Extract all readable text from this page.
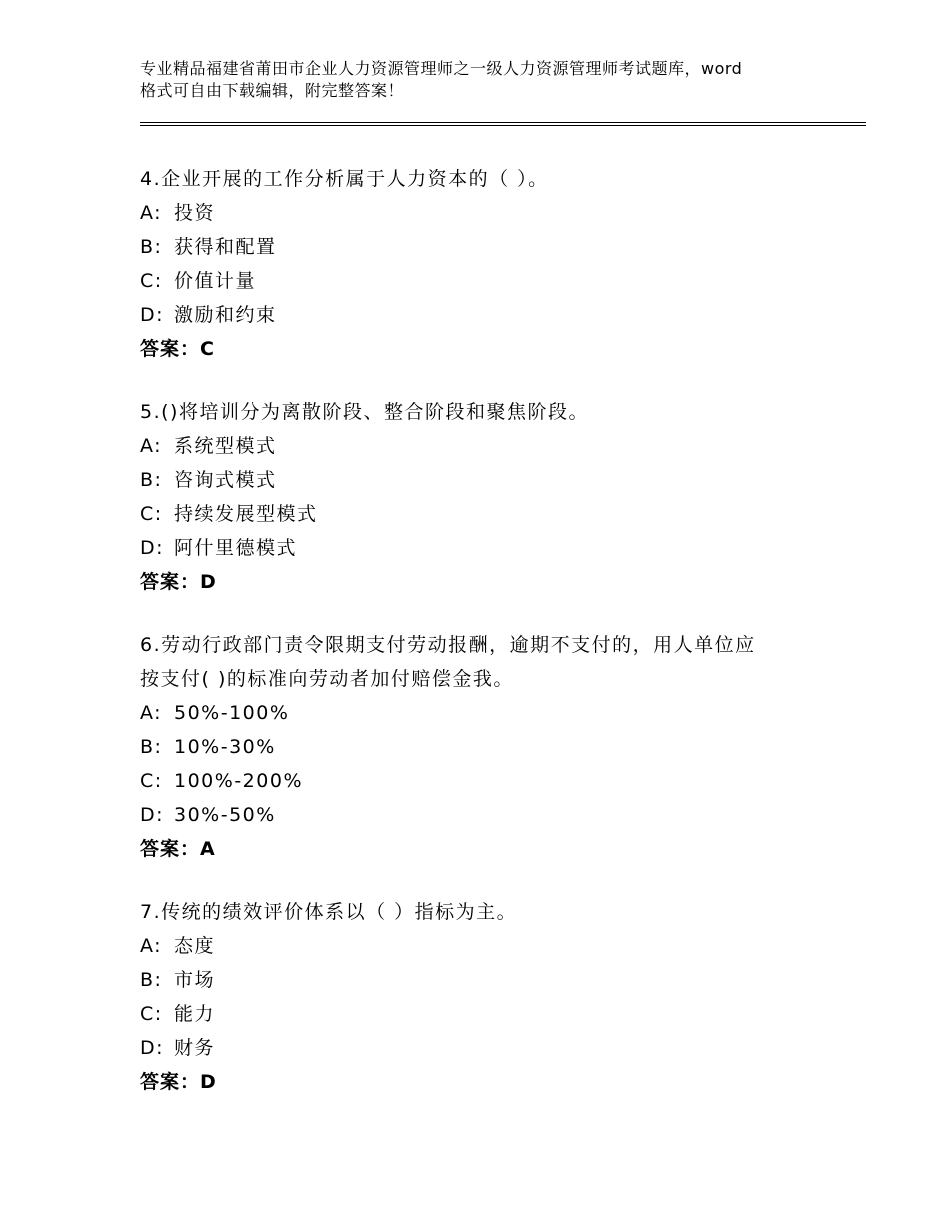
专业精品福建省莆田市企业人力资源管理师之一级人力资源管理师考试题库，word
格式可自由下载编辑，附完整答案！
4.企业开展的工作分析属于人力资本的（ ）。
A: 投资
B: 获得和配置
C: 价值计量
D: 激励和约束
答案：C
5.()将培训分为离散阶段、整合阶段和聚焦阶段。
A: 系统型模式
B: 咨询式模式
C: 持续发展型模式
D: 阿什里德模式
答案：D
6.劳动行政部门责令限期支付劳动报酬，逾期不支付的，用人单位应
按支付( )的标准向劳动者加付赔偿金我。
A: 50%-100%
B: 10%-30%
C: 100%-200%
D: 30%-50%
答案：A
7.传统的绩效评价体系以（ ）指标为主。
A: 态度
B: 市场
C: 能力
D: 财务
答案：D
